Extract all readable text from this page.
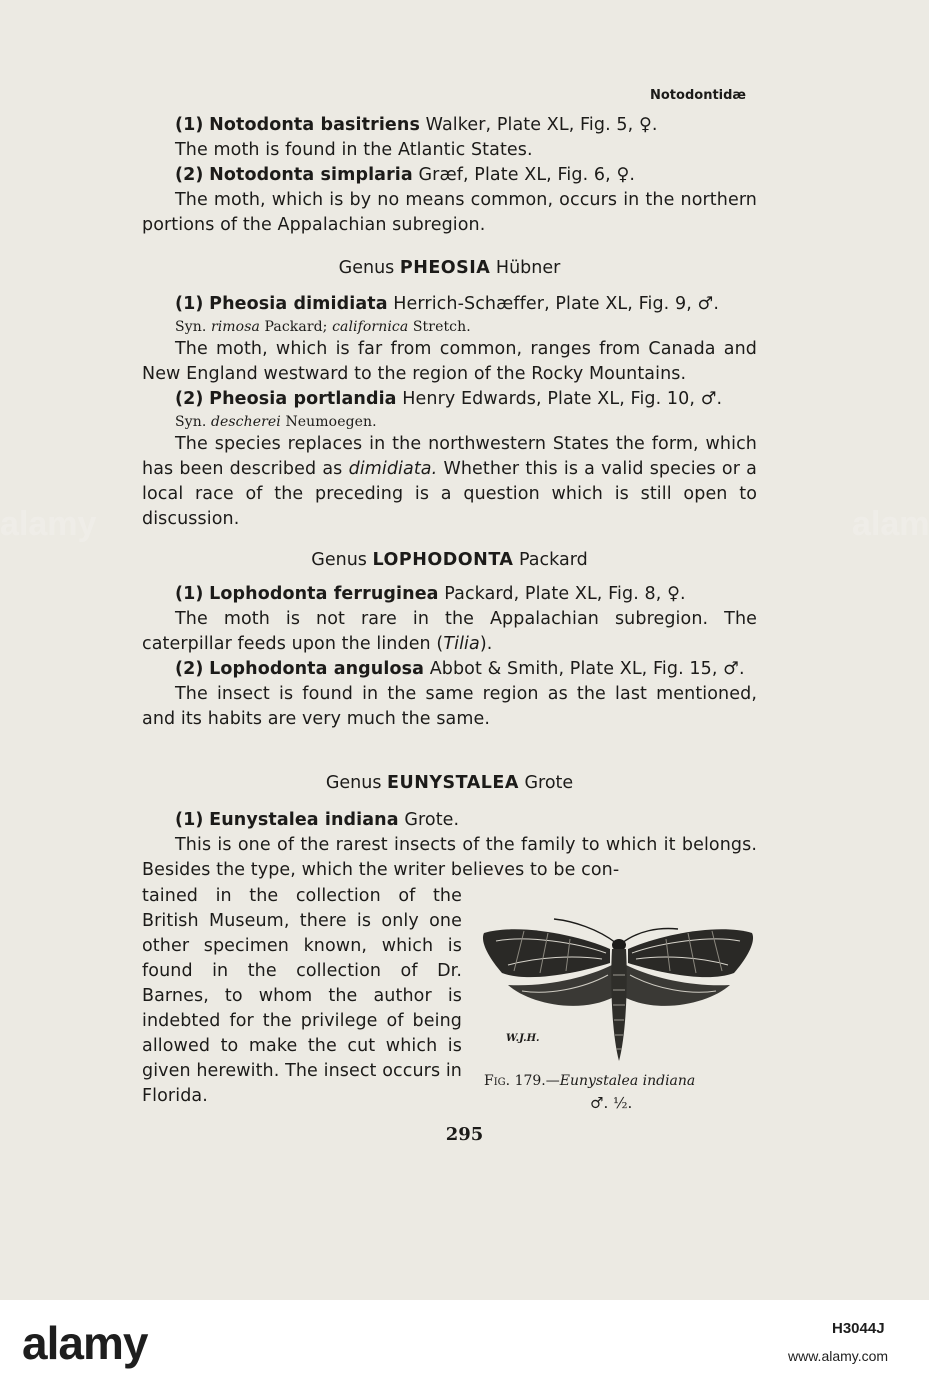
Notodontidæ
(1) Notodonta basitriens Walker, Plate XL, Fig. 5, ♀.
The moth is found in the Atlantic States.
(2) Notodonta simplaria Græf, Plate XL, Fig. 6, ♀.
The moth, which is by no means common, occurs in the northern portions of the Appalachian subregion.
Genus PHEOSIA Hübner
(1) Pheosia dimidiata Herrich-Schæffer, Plate XL, Fig. 9, ♂.
Syn. rimosa Packard; californica Stretch.
The moth, which is far from common, ranges from Canada and New England westward to the region of the Rocky Mountains.
(2) Pheosia portlandia Henry Edwards, Plate XL, Fig. 10, ♂.
Syn. descherei Neumoegen.
The species replaces in the northwestern States the form, which has been described as dimidiata. Whether this is a valid species or a local race of the preceding is a question which is still open to discussion.
Genus LOPHODONTA Packard
(1) Lophodonta ferruginea Packard, Plate XL, Fig. 8, ♀.
The moth is not rare in the Appalachian subregion. The caterpillar feeds upon the linden (Tilia).
(2) Lophodonta angulosa Abbot & Smith, Plate XL, Fig. 15, ♂.
The insect is found in the same region as the last mentioned, and its habits are very much the same.
Genus EUNYSTALEA Grote
(1) Eunystalea indiana Grote.
This is one of the rarest insects of the family to which it belongs. Besides the type, which the writer believes to be con-
tained in the collection of the British Museum, there is only one other specimen known, which is found in the collection of Dr. Barnes, to whom the author is indebted for the privilege of being allowed to make the cut which is given herewith. The insect occurs in Florida.
W.J.H.
Fig. 179.—Eunystalea indiana
♂. ½.
295
alamy	alamy
alamy	H3044J
www.alamy.com
